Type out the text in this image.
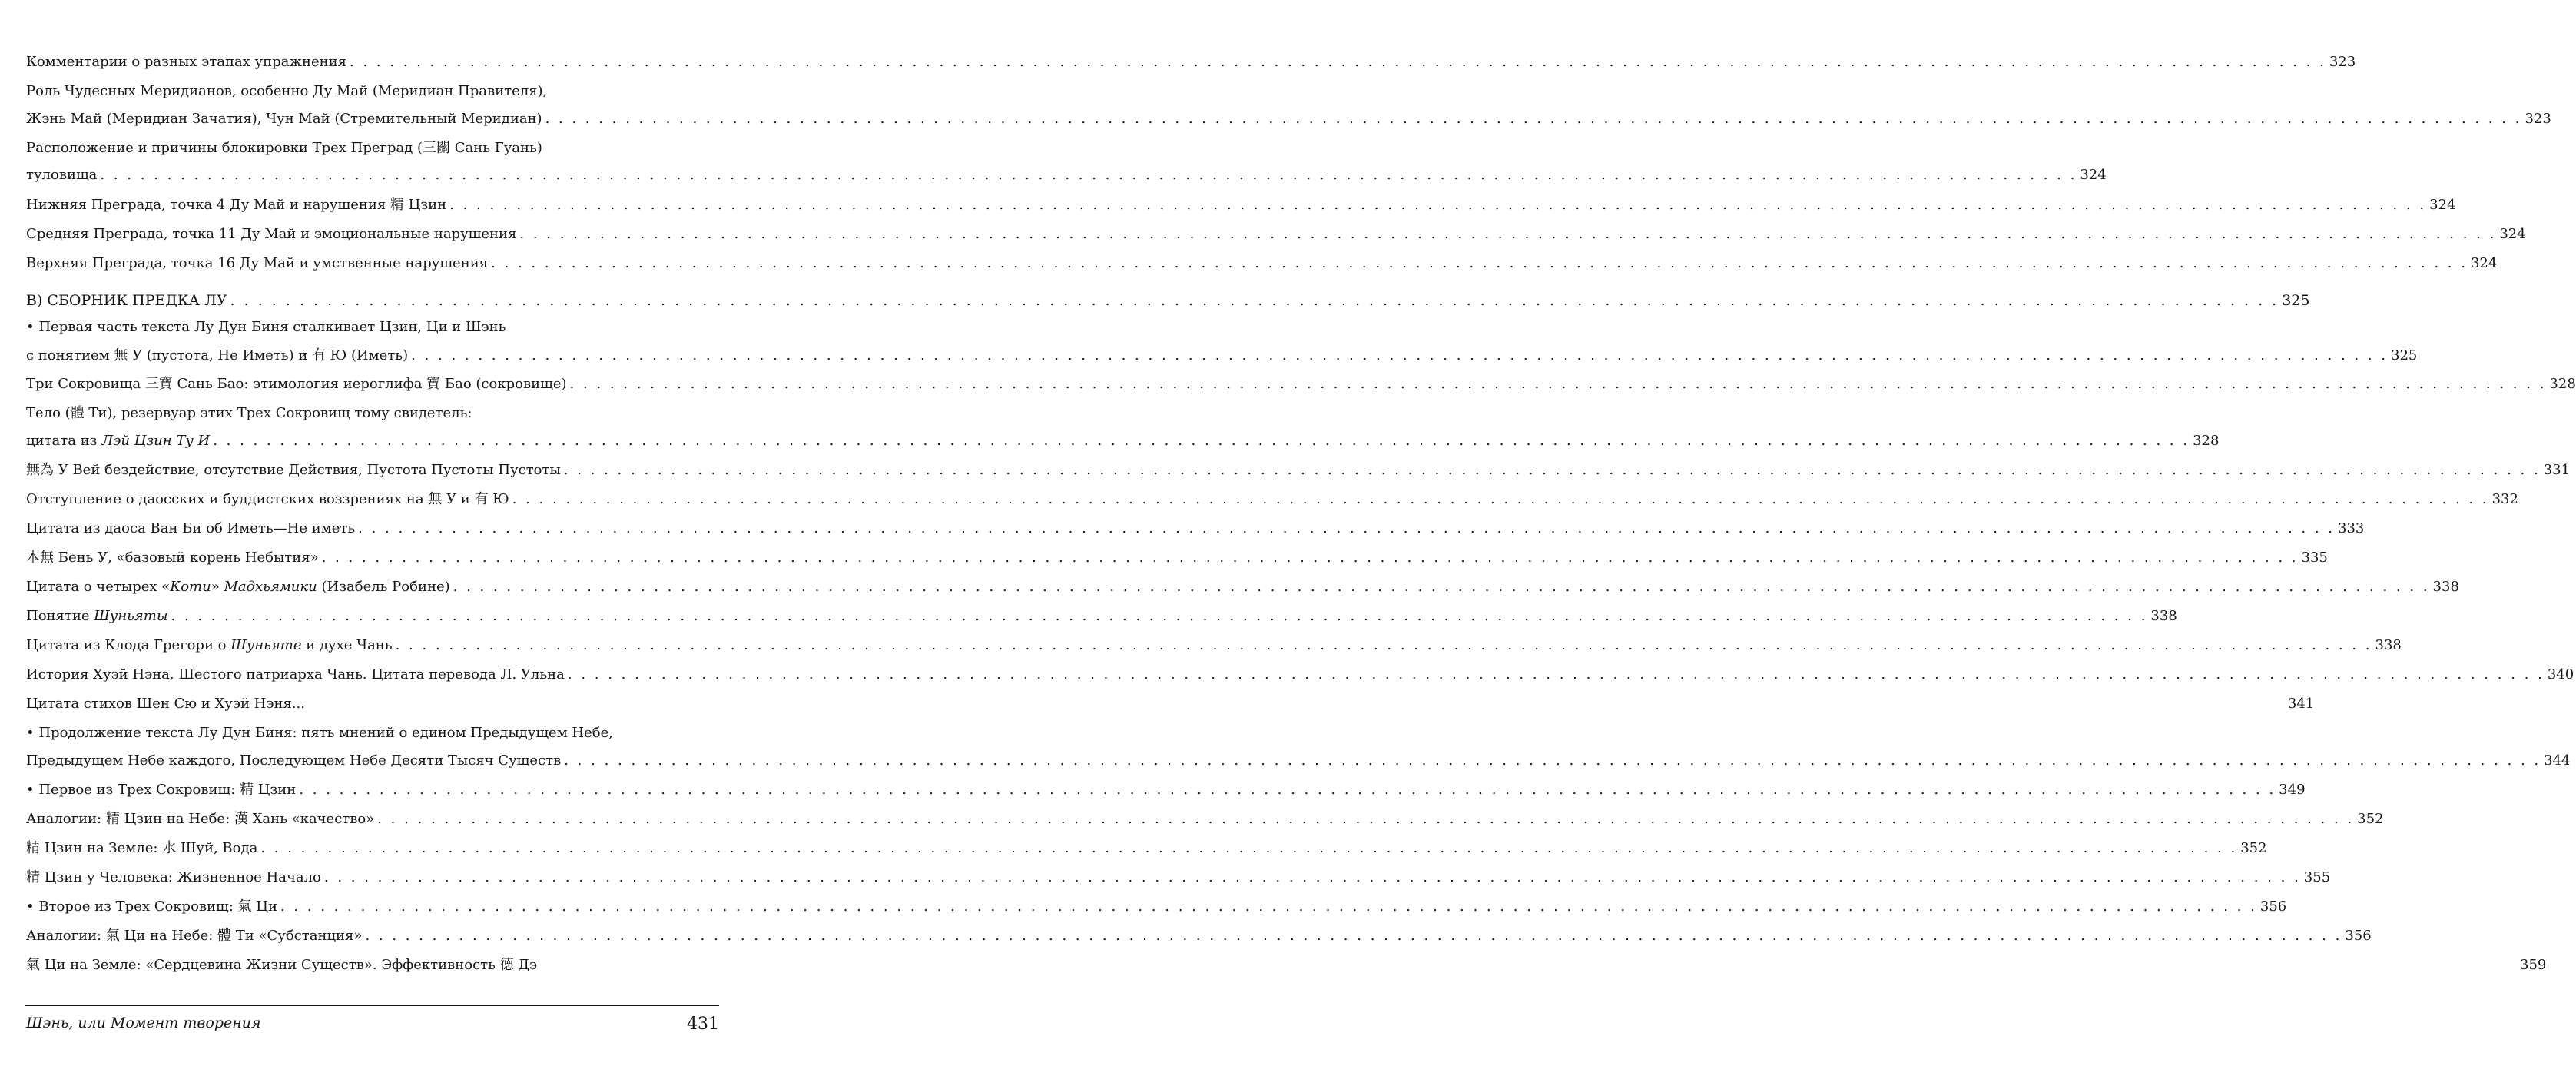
Комментарии о разных этапах упражнения . . .	323
Роль Чудесных Меридианов, особенно Ду Май (Меридиан Правителя),
Жэнь Май (Меридиан Зачатия), Чун Май (Стремительный Меридиан) . . .	323
Расположение и причины блокировки Трех Преград (三關 Сань Гуань)
туловища . . .	324
Нижняя Преграда, точка 4 Ду Май и нарушения 精 Цзин . . .	324
Средняя Преграда, точка 11 Ду Май и эмоциональные нарушения . . .	324
Верхняя Преграда, точка 16 Ду Май и умственные нарушения . . .	324
В) СБОРНИК ПРЕДКА ЛУ . . .	325
• Первая часть текста Лу Дун Биня сталкивает Цзин, Ци и Шэнь
с понятием 無 У (пустота, Не Иметь) и 有 Ю (Иметь) . . .	325
Три Сокровища 三寶 Сань Бао: этимология иероглифа 寶 Бао (сокровище) . . .	328
Тело (體 Ти), резервуар этих Трех Сокровищ тому свидетель:
цитата из Лэй Цзин Ту И . . .	328
無為 У Вей бездействие, отсутствие Действия, Пустота Пустоты Пустоты . . .	331
Отступление о даосских и буддистских воззрениях на 無 У и 有 Ю . . .	332
Цитата из даоса Ван Би об Иметь—Не иметь . . .	333
本無 Бень У, «базовый корень Небытия» . . .	335
Цитата о четырех «Коти» Мадхьямики (Изабель Робине) . . .	338
Понятие Шуньяты . . .	338
Цитата из Клода Грегори о Шуньяте и духе Чань . . .	338
История Хуэй Нэна, Шестого патриарха Чань. Цитата перевода Л. Ульна . . .	340
Цитата стихов Шен Сю и Хуэй Нэня...	341
• Продолжение текста Лу Дун Биня: пять мнений о едином Предыдущем Небе,
Предыдущем Небе каждого, Последующем Небе Десяти Тысяч Существ . . .	344
• Первое из Трех Сокровищ: 精 Цзин . . .	349
Аналогии: 精 Цзин на Небе: 漢 Хань «качество» . . .	352
精 Цзин на Земле: 水 Шуй, Вода . . .	352
精 Цзин у Человека: Жизненное Начало . . .	355
• Второе из Трех Сокровищ: 氣 Ци . . .	356
Аналогии: 氣 Ци на Небе: 體 Ти «Субстанция» . . .	356
氣 Ци на Земле: «Сердцевина Жизни Существ». Эффективность 德 Дэ	359
Шэнь, или Момент творения	431
